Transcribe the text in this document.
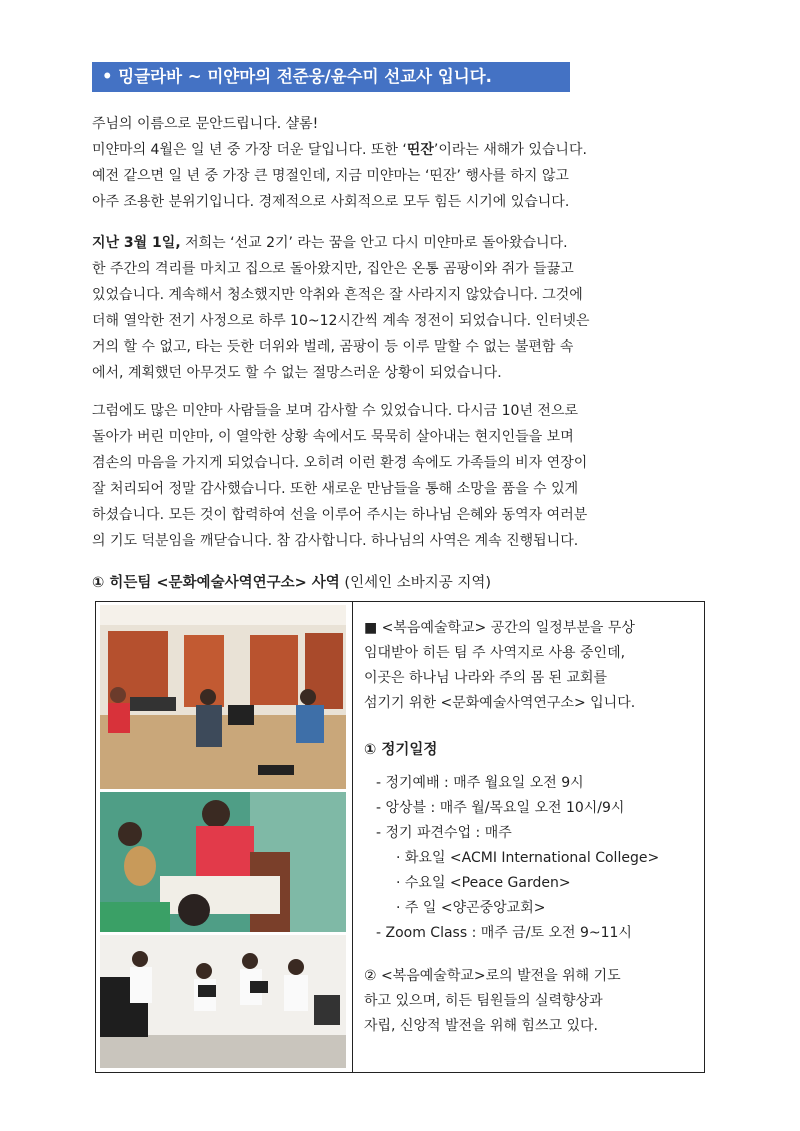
• 밍글라바 ~ 미얀마의 전준웅/윤수미 선교사 입니다.

주님의 이름으로 문안드립니다. 샬롬!

미얀마의 4월은 일 년 중 가장 더운 달입니다. 또한 ‘띤잔’이라는 새해가 있습니다.

예전 같으면 일 년 중 가장 큰 명절인데, 지금 미얀마는 ‘띤잔’ 행사를 하지 않고

아주 조용한 분위기입니다. 경제적으로 사회적으로 모두 힘든 시기에 있습니다.

지난 3월 1일, 저희는 ‘선교 2기’ 라는 꿈을 안고 다시 미얀마로 돌아왔습니다.

한 주간의 격리를 마치고 집으로 돌아왔지만, 집안은 온통 곰팡이와 쥐가 들끓고

있었습니다. 계속해서 청소했지만 악취와 흔적은 잘 사라지지 않았습니다. 그것에

더해 열악한 전기 사정으로 하루 10~12시간씩 계속 정전이 되었습니다. 인터넷은

거의 할 수 없고, 타는 듯한 더위와 벌레, 곰팡이 등 이루 말할 수 없는 불편함 속

에서, 계획했던 아무것도 할 수 없는 절망스러운 상황이 되었습니다.

그럼에도 많은 미얀마 사람들을 보며 감사할 수 있었습니다. 다시금 10년 전으로

돌아가 버린 미얀마, 이 열악한 상황 속에서도 묵묵히 살아내는 현지인들을 보며

겸손의 마음을 가지게 되었습니다. 오히려 이런 환경 속에도 가족들의 비자 연장이

잘 처리되어 정말 감사했습니다. 또한 새로운 만남들을 통해 소망을 품을 수 있게

하셨습니다. 모든 것이 합력하여 선을 이루어 주시는 하나님 은혜와 동역자 여러분

의 기도 덕분임을 깨닫습니다. 참 감사합니다. 하나님의 사역은 계속 진행됩니다.

① 히든팀 <문화예술사역연구소> 사역 (인세인 소바지공 지역)

■ <복음예술학교> 공간의 일정부분을 무상
임대받아 히든 팀 주 사역지로 사용 중인데,
이곳은 하나님 나라와 주의 몸 된 교회를
섬기기 위한 <문화예술사역연구소> 입니다.

① 정기일정
- 정기예배 : 매주 월요일 오전 9시
- 앙상블 : 매주 월/목요일 오전 10시/9시
- 정기 파견수업 : 매주
· 화요일 <ACMI International College>
· 수요일 <Peace Garden>
· 주 일 <양곤중앙교회>
- Zoom Class : 매주 금/토 오전 9~11시

② <복음예술학교>로의 발전을 위해 기도
하고 있으며, 히든 팀원들의 실력향상과
자립, 신앙적 발전을 위해 힘쓰고 있다.
